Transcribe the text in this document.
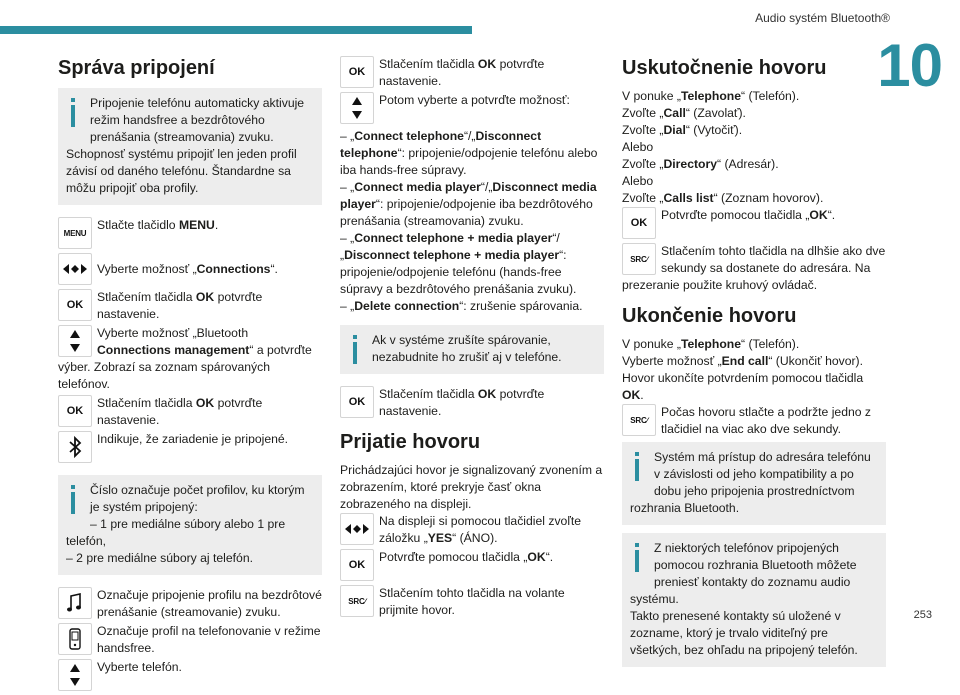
Audio systém Bluetooth®
10
253
Správa pripojení

Pripojenie telefónu automaticky aktivuje režim handsfree a bezdrôtového prenášania (streamovania) zvuku.
Schopnosť systému pripojiť len jeden profil závisí od daného telefónu. Štandardne sa môžu pripojiť oba profily.

MENU

Stlačte tlačidlo MENU.

Vyberte možnosť „Connections“.

OK

Stlačením tlačidla OK potvrďte nastavenie.

Vyberte možnosť „Bluetooth Connections management“ a potvrďte výber. Zobrazí sa zoznam spárovaných telefónov.

OK

Stlačením tlačidla OK potvrďte nastavenie.

Indikuje, že zariadenie je pripojené.

Číslo označuje počet profilov, ku ktorým je systém pripojený:

– 1 pre mediálne súbory alebo 1 pre telefón,

– 2 pre mediálne súbory aj telefón.

Označuje pripojenie profilu na bezdrôtové prenášanie (streamovanie) zvuku.

Označuje profil na telefonovanie v režime handsfree.

Vyberte telefón.

OK

Stlačením tlačidla OK potvrďte nastavenie.

Potom vyberte a potvrďte možnosť:

– „Connect telephone“/„Disconnect telephone“: pripojenie/odpojenie telefónu alebo iba hands-free súpravy.

– „Connect media player“/„Disconnect media player“: pripojenie/odpojenie iba bezdrôtového prenášania (streamovania) zvuku.

– „Connect telephone + media player“/„Disconnect telephone + media player“: pripojenie/odpojenie telefónu (hands-free súpravy a bezdrôtového prenášania zvuku).

– „Delete connection“: zrušenie spárovania.

Ak v systéme zrušíte spárovanie, nezabudnite ho zrušiť aj v telefóne.

OK

Stlačením tlačidla OK potvrďte nastavenie.

Prijatie hovoru

Prichádzajúci hovor je signalizovaný zvonením a zobrazením, ktoré prekryje časť okna zobrazeného na displeji.

Na displeji si pomocou tlačidiel zvoľte záložku „YES“ (ÁNO).

OK

Potvrďte pomocou tlačidla „OK“.

SRC ∕

Stlačením tohto tlačidla na volante prijmite hovor.

Uskutočnenie hovoru

V ponuke „Telephone“ (Telefón).

Zvoľte „Call“ (Zavolať).

Zvoľte „Dial“ (Vytočiť).

Alebo

Zvoľte „Directory“ (Adresár).

Alebo

Zvoľte „Calls list“ (Zoznam hovorov).

OK

Potvrďte pomocou tlačidla „OK“.

SRC ∕

Stlačením tohto tlačidla na dlhšie ako dve sekundy sa dostanete do adresára. Na prezeranie použite kruhový ovládač.

Ukončenie hovoru

V ponuke „Telephone“ (Telefón).

Vyberte možnosť „End call“ (Ukončiť hovor).

Hovor ukončíte potvrdením pomocou tlačidla OK.

SRC ∕

Počas hovoru stlačte a podržte jedno z tlačidiel na viac ako dve sekundy.

Systém má prístup do adresára telefónu v závislosti od jeho kompatibility a po dobu jeho pripojenia prostredníctvom rozhrania Bluetooth.

Z niektorých telefónov pripojených pomocou rozhrania Bluetooth môžete preniesť kontakty do zoznamu audio systému.
Takto prenesené kontakty sú uložené v zozname, ktorý je trvalo viditeľný pre všetkých, bez ohľadu na pripojený telefón.
